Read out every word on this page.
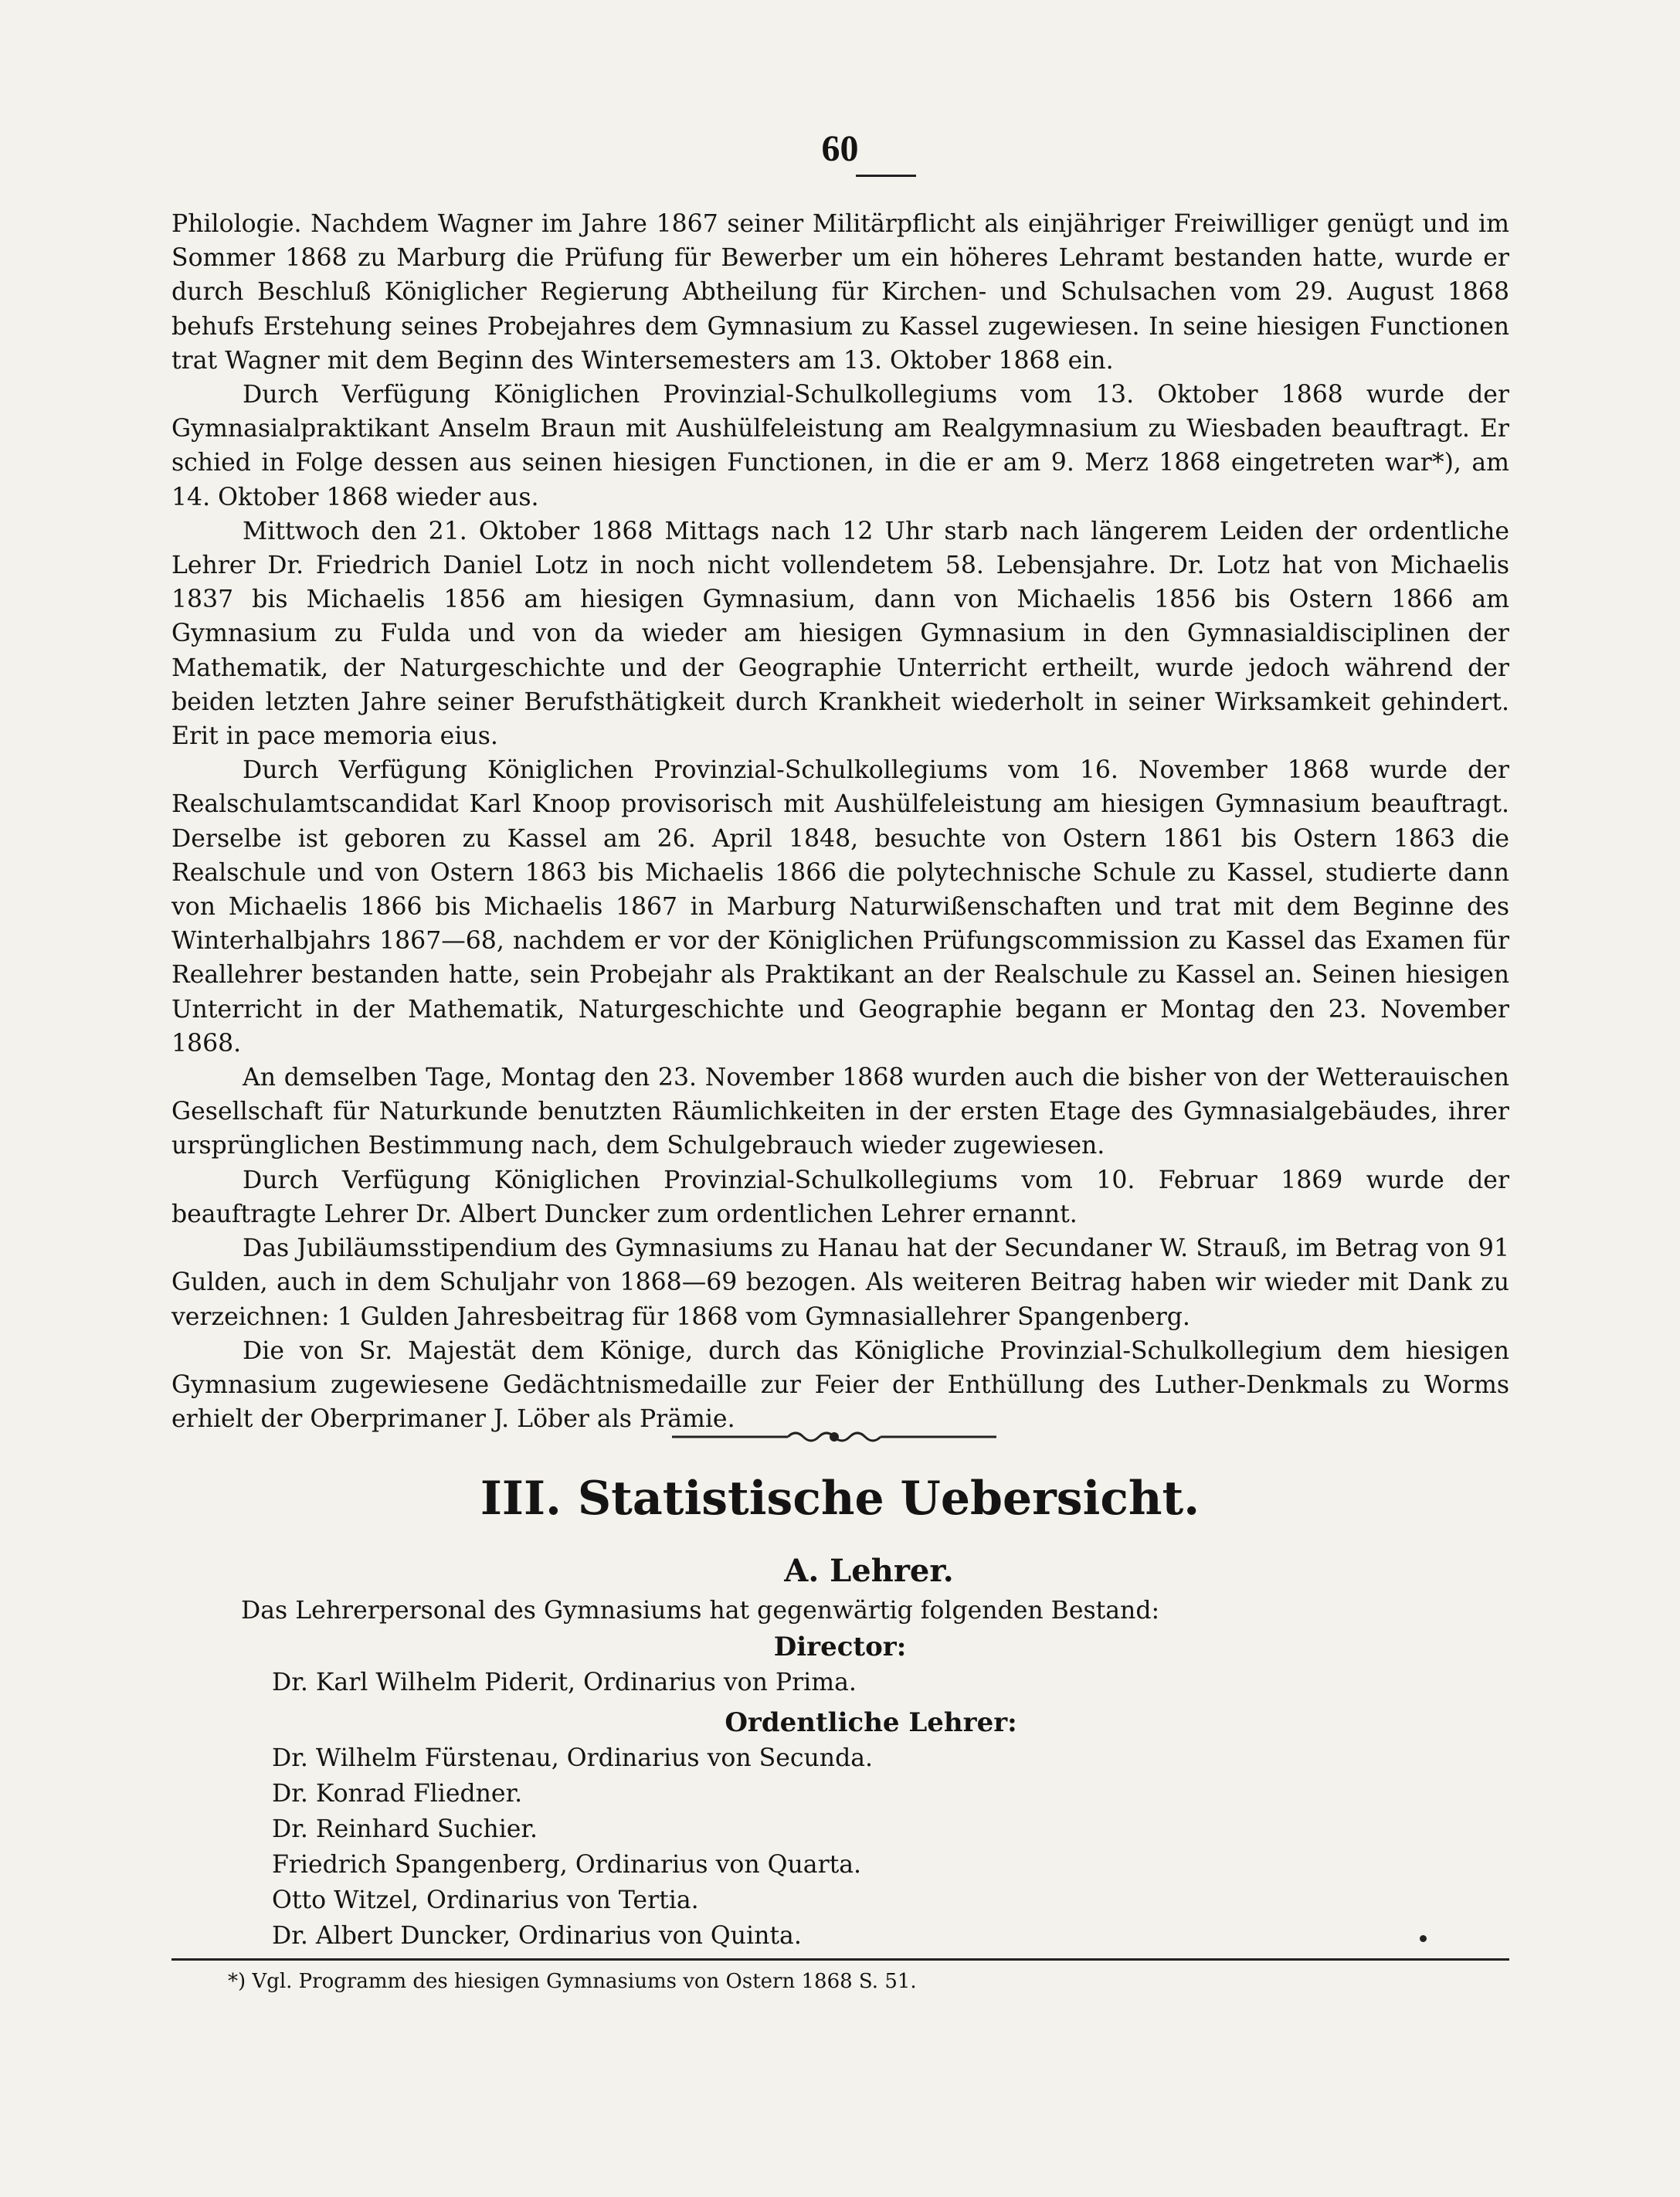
60

Philologie. Nachdem Wagner im Jahre 1867 seiner Militärpflicht als einjähriger Freiwilliger genügt und im Sommer 1868 zu Marburg die Prüfung für Bewerber um ein höheres Lehramt bestanden hatte, wurde er durch Beschluß Königlicher Regierung Abtheilung für Kirchen- und Schulsachen vom 29. August 1868 behufs Erstehung seines Probejahres dem Gymnasium zu Kassel zugewiesen. In seine hiesigen Functionen trat Wagner mit dem Beginn des Wintersemesters am 13. Oktober 1868 ein.

Durch Verfügung Königlichen Provinzial-Schulkollegiums vom 13. Oktober 1868 wurde der Gymnasialpraktikant Anselm Braun mit Aushülfeleistung am Realgymnasium zu Wiesbaden beauftragt. Er schied in Folge dessen aus seinen hiesigen Functionen, in die er am 9. Merz 1868 eingetreten war*), am 14. Oktober 1868 wieder aus.

Mittwoch den 21. Oktober 1868 Mittags nach 12 Uhr starb nach längerem Leiden der ordentliche Lehrer Dr. Friedrich Daniel Lotz in noch nicht vollendetem 58. Lebensjahre. Dr. Lotz hat von Michaelis 1837 bis Michaelis 1856 am hiesigen Gymnasium, dann von Michaelis 1856 bis Ostern 1866 am Gymnasium zu Fulda und von da wieder am hiesigen Gymnasium in den Gymnasialdisciplinen der Mathematik, der Naturgeschichte und der Geographie Unterricht ertheilt, wurde jedoch während der beiden letzten Jahre seiner Berufsthätigkeit durch Krankheit wiederholt in seiner Wirksamkeit gehindert. Erit in pace memoria eius.

Durch Verfügung Königlichen Provinzial-Schulkollegiums vom 16. November 1868 wurde der Realschulamtscandidat Karl Knoop provisorisch mit Aushülfeleistung am hiesigen Gymnasium beauftragt. Derselbe ist geboren zu Kassel am 26. April 1848, besuchte von Ostern 1861 bis Ostern 1863 die Realschule und von Ostern 1863 bis Michaelis 1866 die polytechnische Schule zu Kassel, studierte dann von Michaelis 1866 bis Michaelis 1867 in Marburg Naturwißenschaften und trat mit dem Beginne des Winterhalbjahrs 1867—68, nachdem er vor der Königlichen Prüfungscommission zu Kassel das Examen für Reallehrer bestanden hatte, sein Probejahr als Praktikant an der Realschule zu Kassel an. Seinen hiesigen Unterricht in der Mathematik, Naturgeschichte und Geographie begann er Montag den 23. November 1868.

An demselben Tage, Montag den 23. November 1868 wurden auch die bisher von der Wetterauischen Gesellschaft für Naturkunde benutzten Räumlichkeiten in der ersten Etage des Gymnasialgebäudes, ihrer ursprünglichen Bestimmung nach, dem Schulgebrauch wieder zugewiesen.

Durch Verfügung Königlichen Provinzial-Schulkollegiums vom 10. Februar 1869 wurde der beauftragte Lehrer Dr. Albert Duncker zum ordentlichen Lehrer ernannt.

Das Jubiläumsstipendium des Gymnasiums zu Hanau hat der Secundaner W. Strauß, im Betrag von 91 Gulden, auch in dem Schuljahr von 1868—69 bezogen. Als weiteren Beitrag haben wir wieder mit Dank zu verzeichnen: 1 Gulden Jahresbeitrag für 1868 vom Gymnasiallehrer Spangenberg.

Die von Sr. Majestät dem Könige, durch das Königliche Provinzial-Schulkollegium dem hiesigen Gymnasium zugewiesene Gedächtnismedaille zur Feier der Enthüllung des Luther-Denkmals zu Worms erhielt der Oberprimaner J. Löber als Prämie.

III. Statistische Uebersicht.
A. Lehrer.
Das Lehrerpersonal des Gymnasiums hat gegenwärtig folgenden Bestand:
Director:
Dr. Karl Wilhelm Piderit, Ordinarius von Prima.
Ordentliche Lehrer:
Dr. Wilhelm Fürstenau, Ordinarius von Secunda.
Dr. Konrad Fliedner.
Dr. Reinhard Suchier.
Friedrich Spangenberg, Ordinarius von Quarta.
Otto Witzel, Ordinarius von Tertia.
Dr. Albert Duncker, Ordinarius von Quinta.
*) Vgl. Programm des hiesigen Gymnasiums von Ostern 1868 S. 51.
